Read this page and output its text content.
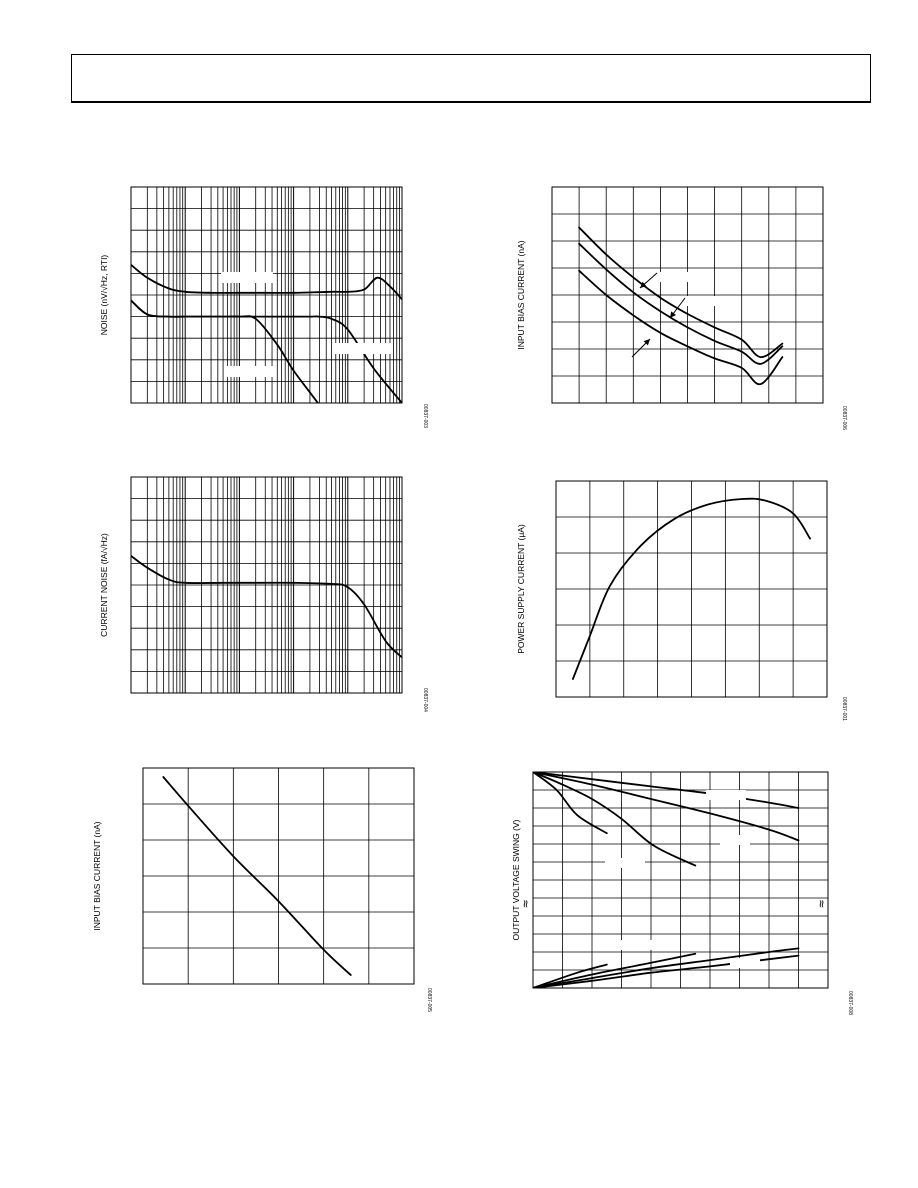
NOISE (nV/√Hz, RTI)
00837-003
INPUT BIAS CURRENT (nA)
00837-006
CURRENT NOISE (fA/√Hz)
00837-004
POWER SUPPLY CURRENT (μA)
00837-001
INPUT BIAS CURRENT (nA)
00837-005
OUTPUT VOLTAGE SWING (V)
00837-008
≈	≈
